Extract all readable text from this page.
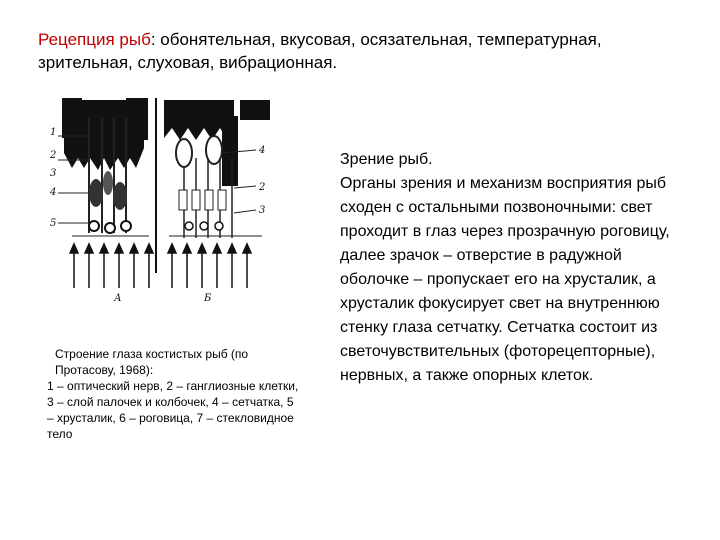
Рецепция рыб: обонятельная, вкусовая, осязательная, температурная, зрительная, слуховая, вибрационная.
1
2
3
4
5
4
2
3
А	Б
Строение глаза костистых рыб (по Протасову, 1968):
1 – оптический нерв, 2 – ганглиозные клетки, 3 – слой палочек и колбочек, 4 – сетчатка, 5 – хрусталик, 6 – роговица, 7 – стекловидное тело
Зрение рыб.
Органы зрения и механизм восприятия рыб сходен с остальными позвоночными: свет проходит в глаз через прозрачную роговицу, далее зрачок – отверстие в радужной оболочке – пропускает его на хрусталик, а хрусталик фокусирует свет на внутреннюю стенку глаза сетчатку. Сетчатка состоит из светочувствительных (фоторецепторные), нервных, а также опорных клеток.
